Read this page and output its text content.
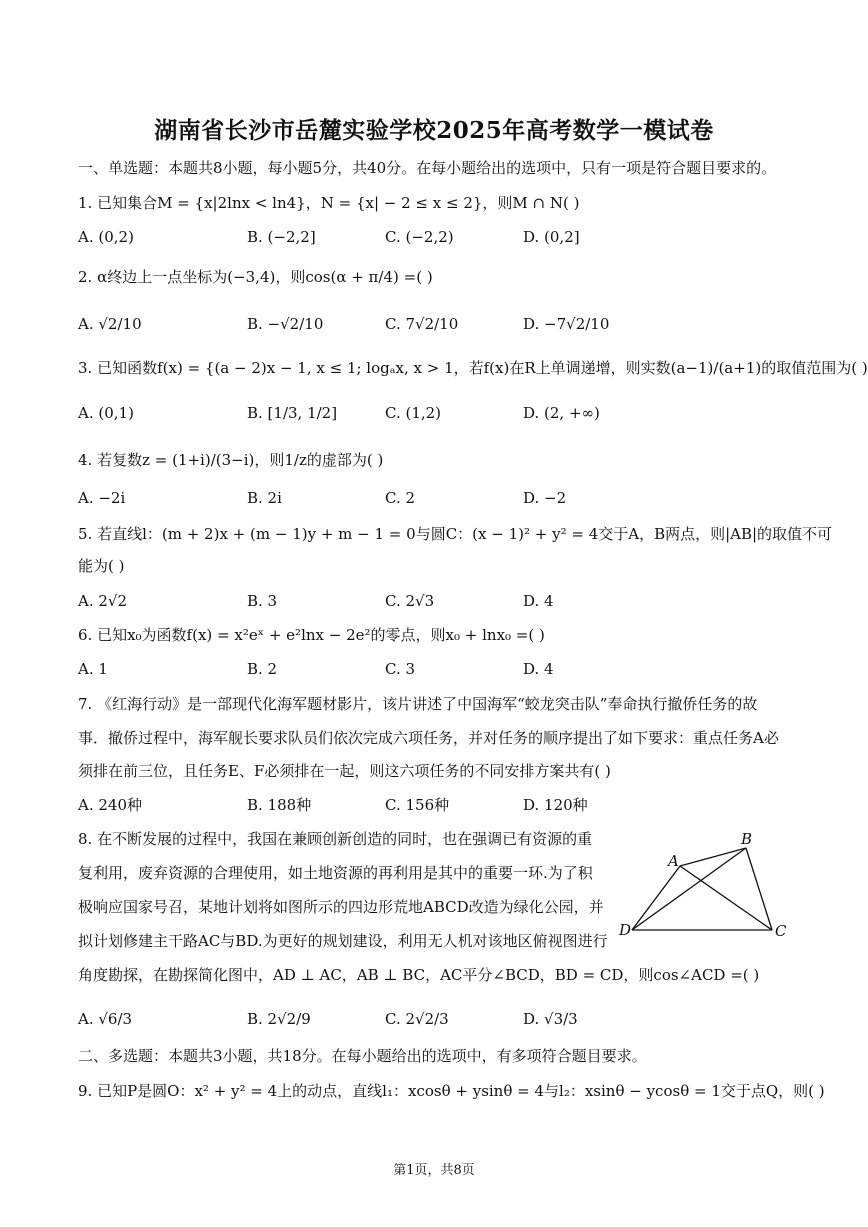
湖南省长沙市岳麓实验学校2025年高考数学一模试卷
一、单选题：本题共8小题，每小题5分，共40分。在每小题给出的选项中，只有一项是符合题目要求的。
1. 已知集合M = {x|2lnx < ln4}，N = {x| − 2 ≤ x ≤ 2}，则M ∩ N( )
A. (0,2)	B. (−2,2]	C. (−2,2)	D. (0,2]
2. α终边上一点坐标为(−3,4)，则cos(α + π/4) =( )
A. √2/10	B. −√2/10	C. 7√2/10	D. −7√2/10
3. 已知函数f(x) = {(a − 2)x − 1, x ≤ 1; logₐx, x > 1，若f(x)在R上单调递增，则实数(a−1)/(a+1)的取值范围为( )
A. (0,1)	B. [1/3, 1/2]	C. (1,2)	D. (2, +∞)
4. 若复数z = (1+i)/(3−i)，则1/z的虚部为( )
A. −2i	B. 2i	C. 2	D. −2
5. 若直线l：(m + 2)x + (m − 1)y + m − 1 = 0与圆C：(x − 1)² + y² = 4交于A，B两点，则|AB|的取值不可
能为( )
A. 2√2	B. 3	C. 2√3	D. 4
6. 已知x₀为函数f(x) = x²eˣ + e²lnx − 2e²的零点，则x₀ + lnx₀ =( )
A. 1	B. 2	C. 3	D. 4
7. 《红海行动》是一部现代化海军题材影片，该片讲述了中国海军“蛟龙突击队”奉命执行撤侨任务的故
事．撤侨过程中，海军舰长要求队员们依次完成六项任务，并对任务的顺序提出了如下要求：重点任务A必
须排在前三位，且任务E、F必须排在一起，则这六项任务的不同安排方案共有( )
A. 240种	B. 188种	C. 156种	D. 120种
8. 在不断发展的过程中，我国在兼顾创新创造的同时，也在强调已有资源的重
复利用，废弃资源的合理使用，如土地资源的再利用是其中的重要一环.为了积
极响应国家号召，某地计划将如图所示的四边形荒地ABCD改造为绿化公园，并
拟计划修建主干路AC与BD.为更好的规划建设，利用无人机对该地区俯视图进行
角度勘探，在勘探简化图中，AD ⊥ AC，AB ⊥ BC，AC平分∠BCD，BD = CD，则cos∠ACD =( )
A
B
C
D
A. √6/3	B. 2√2/9	C. 2√2/3	D. √3/3
二、多选题：本题共3小题，共18分。在每小题给出的选项中，有多项符合题目要求。
9. 已知P是圆O：x² + y² = 4上的动点，直线l₁：xcosθ + ysinθ = 4与l₂：xsinθ − ycosθ = 1交于点Q，则( )
第1页，共8页
